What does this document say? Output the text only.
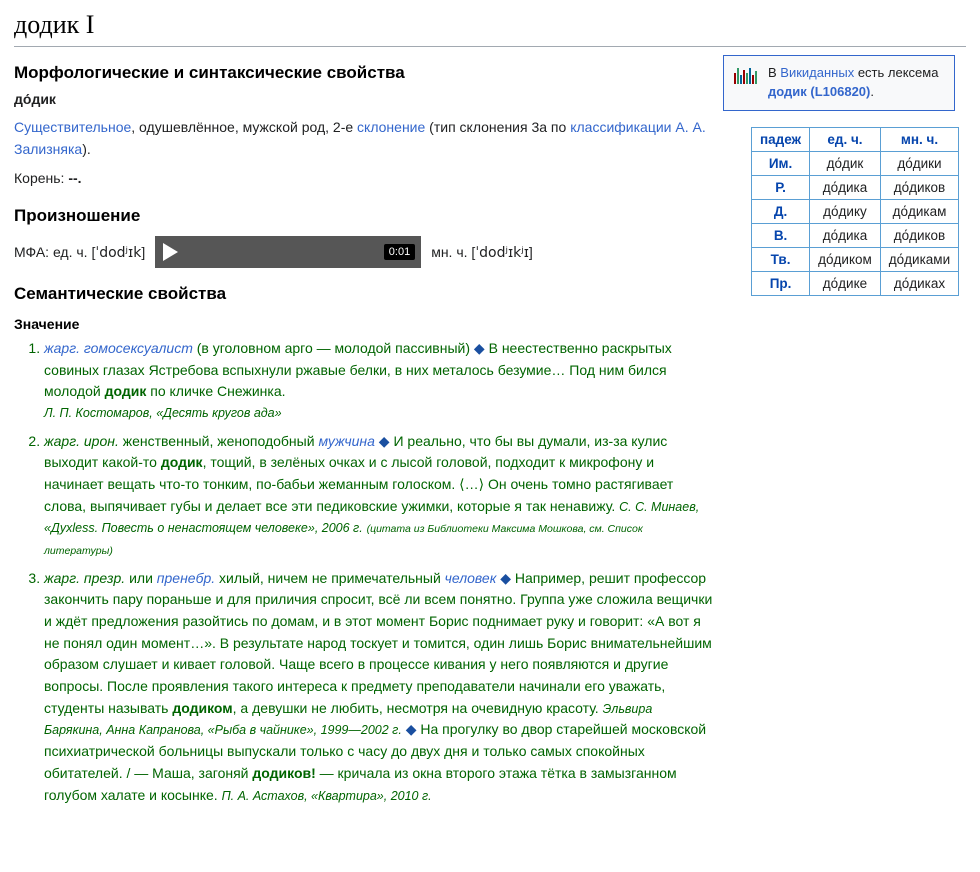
додик I
Морфологические и синтаксические свойства
до́дик

Существительное, одушевлённое, мужской род, 2-е склонение (тип склонения 3a по классификации А. А. Зализняка).

Корень: --.

Произношение
МФА: ед. ч. [ˈdodʲɪk]	0:01	мн. ч. [ˈdodʲɪkʲɪ]
Семантические свойства
Значение
1. жарг. гомосексуалист (в уголовном арго — молодой пассивный) ◆ В неестественно раскрытых совиных глазах Ястребова вспыхнули ржавые белки, в них металось безумие… Под ним бился молодой додик по кличке Снежинка.
Л. П. Костомаров, «Десять кругов ада»
2. жарг. ирон. женственный, женоподобный мужчина ◆ И реально, что бы вы думали, из-за кулис выходит какой-то додик, тощий, в зелёных очках и с лысой головой, подходит к микрофону и начинает вещать что-то тонким, по-бабьи жеманным голоском. ⟨…⟩ Он очень томно растягивает слова, выпячивает губы и делает все эти педиковские ужимки, которые я так ненавижу. С. С. Минаев, «Духless. Повесть о ненастоящем человеке», 2006 г. (цитата из Библиотеки Максима Мошкова, см. Список литературы)
3. жарг. презр. или пренебр. хилый, ничем не примечательный человек ◆ Например, решит профессор закончить пару пораньше и для приличия спросит, всё ли всем понятно. Группа уже сложила вещички и ждёт предложения разойтись по домам, и в этот момент Борис поднимает руку и говорит: «А вот я не понял один момент…». В результате народ тоскует и томится, один лишь Борис внимательнейшим образом слушает и кивает головой. Чаще всего в процессе кивания у него появляются и другие вопросы. После проявления такого интереса к предмету преподаватели начинали его уважать, студенты называть додиком, а девушки не любить, несмотря на очевидную красоту. Эльвира Барякина, Анна Капранова, «Рыба в чайнике», 1999—2002 г. ◆ На прогулку во двор старейшей московской психиатрической больницы выпускали только с часу до двух дня и только самых спокойных обитателей. / — Маша, загоняй додиков! — кричала из окна второго этажа тётка в замызганном голубом халате и косынке. П. А. Астахов, «Квартира», 2010 г.
В Викиданных есть лексема додик (L106820).
падеж	ед. ч.	мн. ч.
Им.	до́дик	до́дики
Р.	до́дика	до́диков
Д.	до́дику	до́дикам
В.	до́дика	до́диков
Тв.	до́диком	до́диками
Пр.	до́дике	до́диках
